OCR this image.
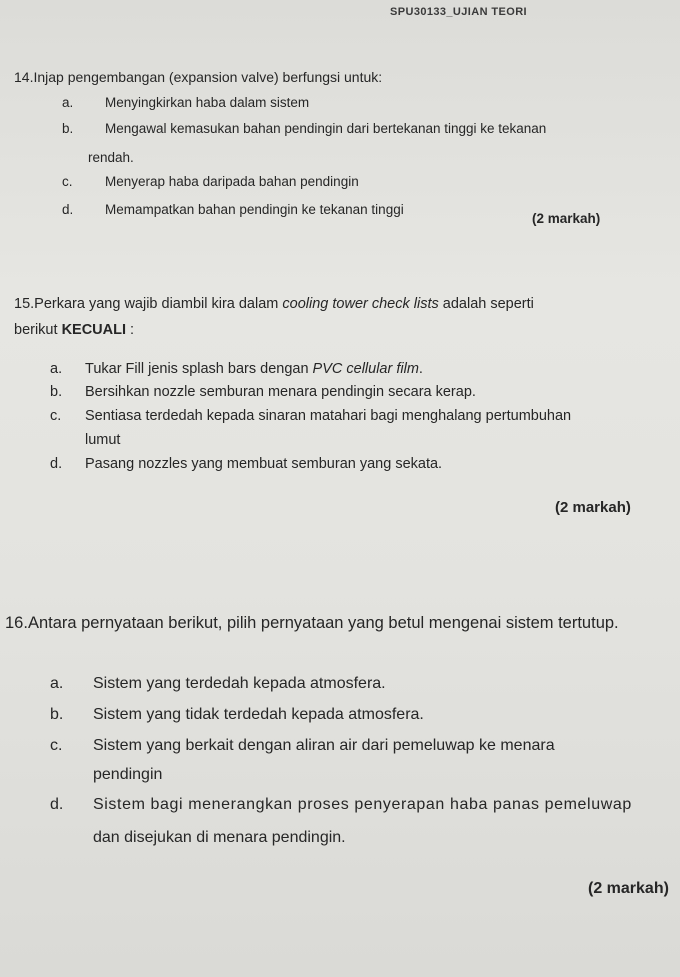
SPU30133_UJIAN TEORI
14.Injap pengembangan (expansion valve) berfungsi untuk:
a. Menyingkirkan haba dalam sistem
b. Mengawal kemasukan bahan pendingin dari bertekanan tinggi ke tekanan
rendah.
c. Menyerap haba daripada bahan pendingin
d. Memampatkan bahan pendingin ke tekanan tinggi
(2 markah)
15.Perkara yang wajib diambil kira dalam cooling tower check lists adalah seperti
berikut KECUALI :
a. Tukar Fill jenis splash bars dengan PVC cellular film.
b. Bersihkan nozzle semburan menara pendingin secara kerap.
c. Sentiasa terdedah kepada sinaran matahari bagi menghalang pertumbuhan
lumut
d. Pasang nozzles yang membuat semburan yang sekata.
(2 markah)
16.Antara pernyataan berikut, pilih pernyataan yang betul mengenai sistem tertutup.
a. Sistem yang terdedah kepada atmosfera.
b. Sistem yang tidak terdedah kepada atmosfera.
c. Sistem yang berkait dengan aliran air dari pemeluwap ke menara
pendingin
d. Sistem bagi menerangkan proses penyerapan haba panas pemeluwap
dan disejukan di menara pendingin.
(2 markah)
